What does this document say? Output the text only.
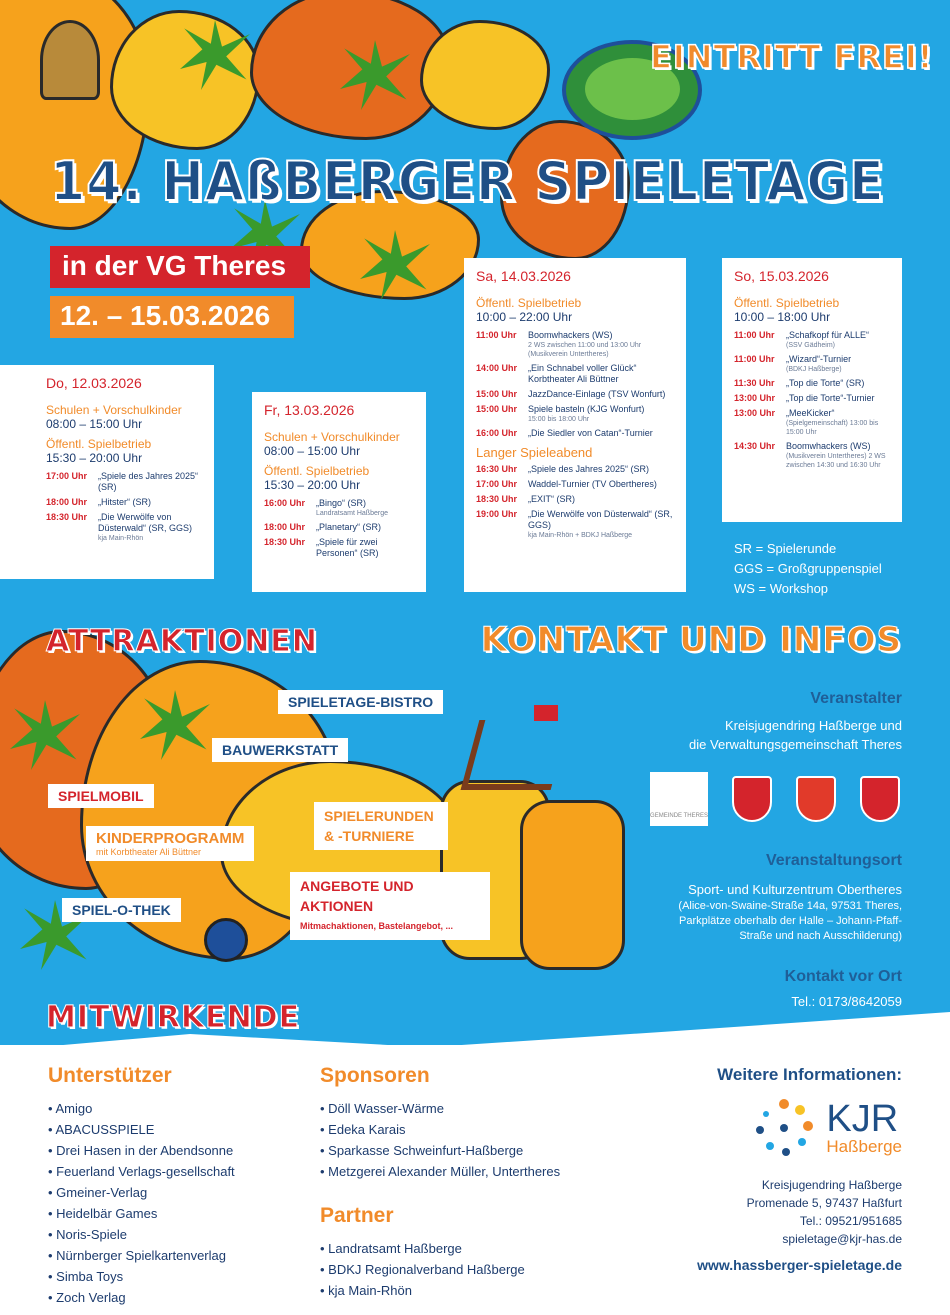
EINTRITT FREI!
14. HAßBERGER SPIELETAGE
in der VG Theres
12. – 15.03.2026
Do, 12.03.2026
Schulen + Vorschulkinder
08:00 – 15:00 Uhr
Öffentl. Spielbetrieb
15:30 – 20:00 Uhr
17:00 Uhr	„Spiele des Jahres 2025“ (SR)
18:00 Uhr	„Hitster“ (SR)
18:30 Uhr	„Die Werwölfe von Düsterwald“ (SR, GGS)
kja Main-Rhön
Fr, 13.03.2026
Schulen + Vorschulkinder
08:00 – 15:00 Uhr
Öffentl. Spielbetrieb
15:30 – 20:00 Uhr
16:00 Uhr	„Bingo“ (SR)
Landratsamt Haßberge
18:00 Uhr	„Planetary“ (SR)
18:30 Uhr	„Spiele für zwei Personen“ (SR)
Sa, 14.03.2026
Öffentl. Spielbetrieb
10:00 – 22:00 Uhr
11:00 Uhr	Boomwhackers (WS)
2 WS zwischen 11:00 und 13:00 Uhr (Musikverein Untertheres)
14:00 Uhr	„Ein Schnabel voller Glück“ Korbtheater Ali Büttner
15:00 Uhr	JazzDance-Einlage (TSV Wonfurt)
15:00 Uhr	Spiele basteln (KJG Wonfurt)
15:00 bis 18:00 Uhr
16:00 Uhr	„Die Siedler von Catan“-Turnier
Langer Spieleabend
16:30 Uhr	„Spiele des Jahres 2025“ (SR)
17:00 Uhr	Waddel-Turnier (TV Obertheres)
18:30 Uhr	„EXIT“ (SR)
19:00 Uhr	„Die Werwölfe von Düsterwald“ (SR, GGS)
kja Main-Rhön + BDKJ Haßberge
So, 15.03.2026
Öffentl. Spielbetrieb
10:00 – 18:00 Uhr
11:00 Uhr	„Schafkopf für ALLE“
(SSV Gädheim)
11:00 Uhr	„Wizard“-Turnier
(BDKJ Haßberge)
11:30 Uhr	„Top die Torte“ (SR)
13:00 Uhr	„Top die Torte“-Turnier
13:00 Uhr	„MeeKicker“
(Spielgemeinschaft) 13:00 bis 15:00 Uhr
14:30 Uhr	Boomwhackers (WS)
(Musikverein Untertheres) 2 WS zwischen 14:30 und 16:30 Uhr
SR = Spielerunde
GGS = Großgruppenspiel
WS = Workshop
ATTRAKTIONEN
SPIELETAGE-BISTRO
BAUWERKSTATT
SPIELMOBIL
KINDERPROGRAMM
mit Korbtheater Ali Büttner
SPIELERUNDEN & -TURNIERE
ANGEBOTE UND AKTIONEN
Mitmachaktionen, Bastelangebot, ...
SPIEL-O-THEK
KONTAKT UND INFOS
Veranstalter
Kreisjugendring Haßberge und
die Verwaltungsgemeinschaft Theres
GEMEINDE THERES
Veranstaltungsort
Sport- und Kulturzentrum Obertheres
(Alice-von-Swaine-Straße 14a, 97531 Theres,
Parkplätze oberhalb der Halle – Johann-Pfaff-
Straße und nach Ausschilderung)
Kontakt vor Ort
Tel.: 0173/8642059
MITWIRKENDE
Unterstützer
• Amigo
• ABACUSSPIELE
• Drei Hasen in der Abendsonne
• Feuerland Verlags-gesellschaft
• Gmeiner-Verlag
• Heidelbär Games
• Noris-Spiele
• Nürnberger Spielkartenverlag
• Simba Toys
• Zoch Verlag
Sponsoren
• Döll Wasser-Wärme
• Edeka Karais
• Sparkasse Schweinfurt-Haßberge
• Metzgerei Alexander Müller, Untertheres
Partner
• Landratsamt Haßberge
• BDKJ Regionalverband Haßberge
• kja Main-Rhön
Weitere Informationen:
KJR
Haßberge
Kreisjugendring Haßberge
Promenade 5, 97437 Haßfurt
Tel.: 09521/951685
spieletage@kjr-has.de
www.hassberger-spieletage.de
